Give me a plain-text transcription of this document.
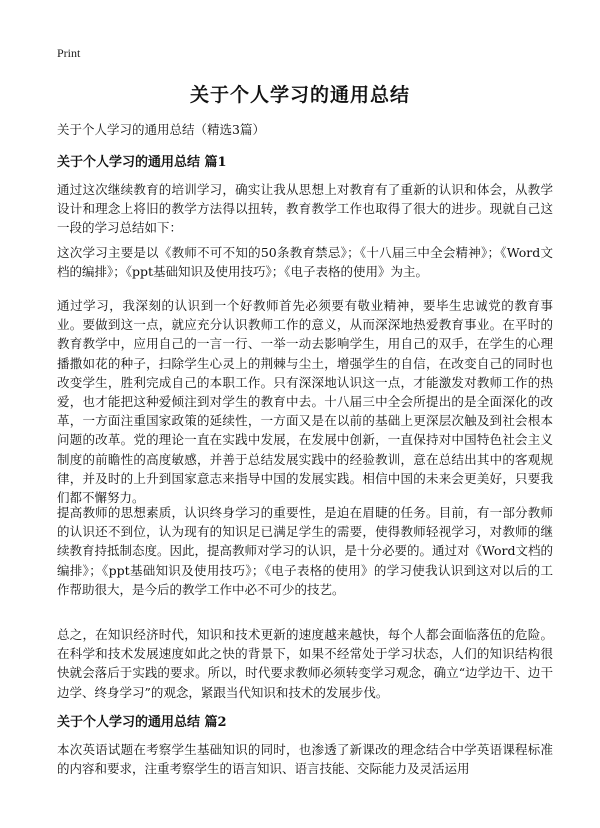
Print
关于个人学习的通用总结
关于个人学习的通用总结（精选3篇）
关于个人学习的通用总结 篇1

通过这次继续教育的培训学习，确实让我从思想上对教育有了重新的认识和体会，从教学设计和理念上将旧的教学方法得以扭转，教育教学工作也取得了很大的进步。现就自己这一段的学习总结如下：

这次学习主要是以《教师不可不知的50条教育禁忌》；《十八届三中全会精神》；《Word文档的编排》；《ppt基础知识及使用技巧》；《电子表格的使用》为主。

通过学习，我深刻的认识到一个好教师首先必须要有敬业精神，要毕生忠诚党的教育事业。要做到这一点，就应充分认识教师工作的意义，从而深深地热爱教育事业。在平时的教育教学中，应用自己的一言一行、一举一动去影响学生，用自己的双手，在学生的心理播撒如花的种子，扫除学生心灵上的荆棘与尘土，增强学生的自信，在改变自己的同时也改变学生，胜利完成自己的本职工作。只有深深地认识这一点，才能激发对教师工作的热爱，也才能把这种爱倾注到对学生的教育中去。十八届三中全会所提出的是全面深化的改革，一方面注重国家政策的延续性，一方面又是在以前的基础上更深层次触及到社会根本问题的改革。党的理论一直在实践中发展，在发展中创新，一直保持对中国特色社会主义制度的前瞻性的高度敏感，并善于总结发展实践中的经验教训，意在总结出其中的客观规律，并及时的上升到国家意志来指导中国的发展实践。相信中国的未来会更美好，只要我们都不懈努力。

提高教师的思想素质，认识终身学习的重要性，是迫在眉睫的任务。目前，有一部分教师的认识还不到位，认为现有的知识足已满足学生的需要，使得教师轻视学习，对教师的继续教育持抵制态度。因此，提高教师对学习的认识，是十分必要的。通过对《Word文档的编排》；《ppt基础知识及使用技巧》；《电子表格的使用》的学习使我认识到这对以后的工作帮助很大，是今后的教学工作中必不可少的技艺。

总之，在知识经济时代，知识和技术更新的速度越来越快，每个人都会面临落伍的危险。在科学和技术发展速度如此之快的背景下，如果不经常处于学习状态，人们的知识结构很快就会落后于实践的要求。所以，时代要求教师必须转变学习观念，确立“边学边干、边干边学、终身学习”的观念，紧跟当代知识和技术的发展步伐。

关于个人学习的通用总结 篇2

本次英语试题在考察学生基础知识的同时，也渗透了新课改的理念结合中学英语课程标准的内容和要求，注重考察学生的语言知识、语言技能、交际能力及灵活运用
